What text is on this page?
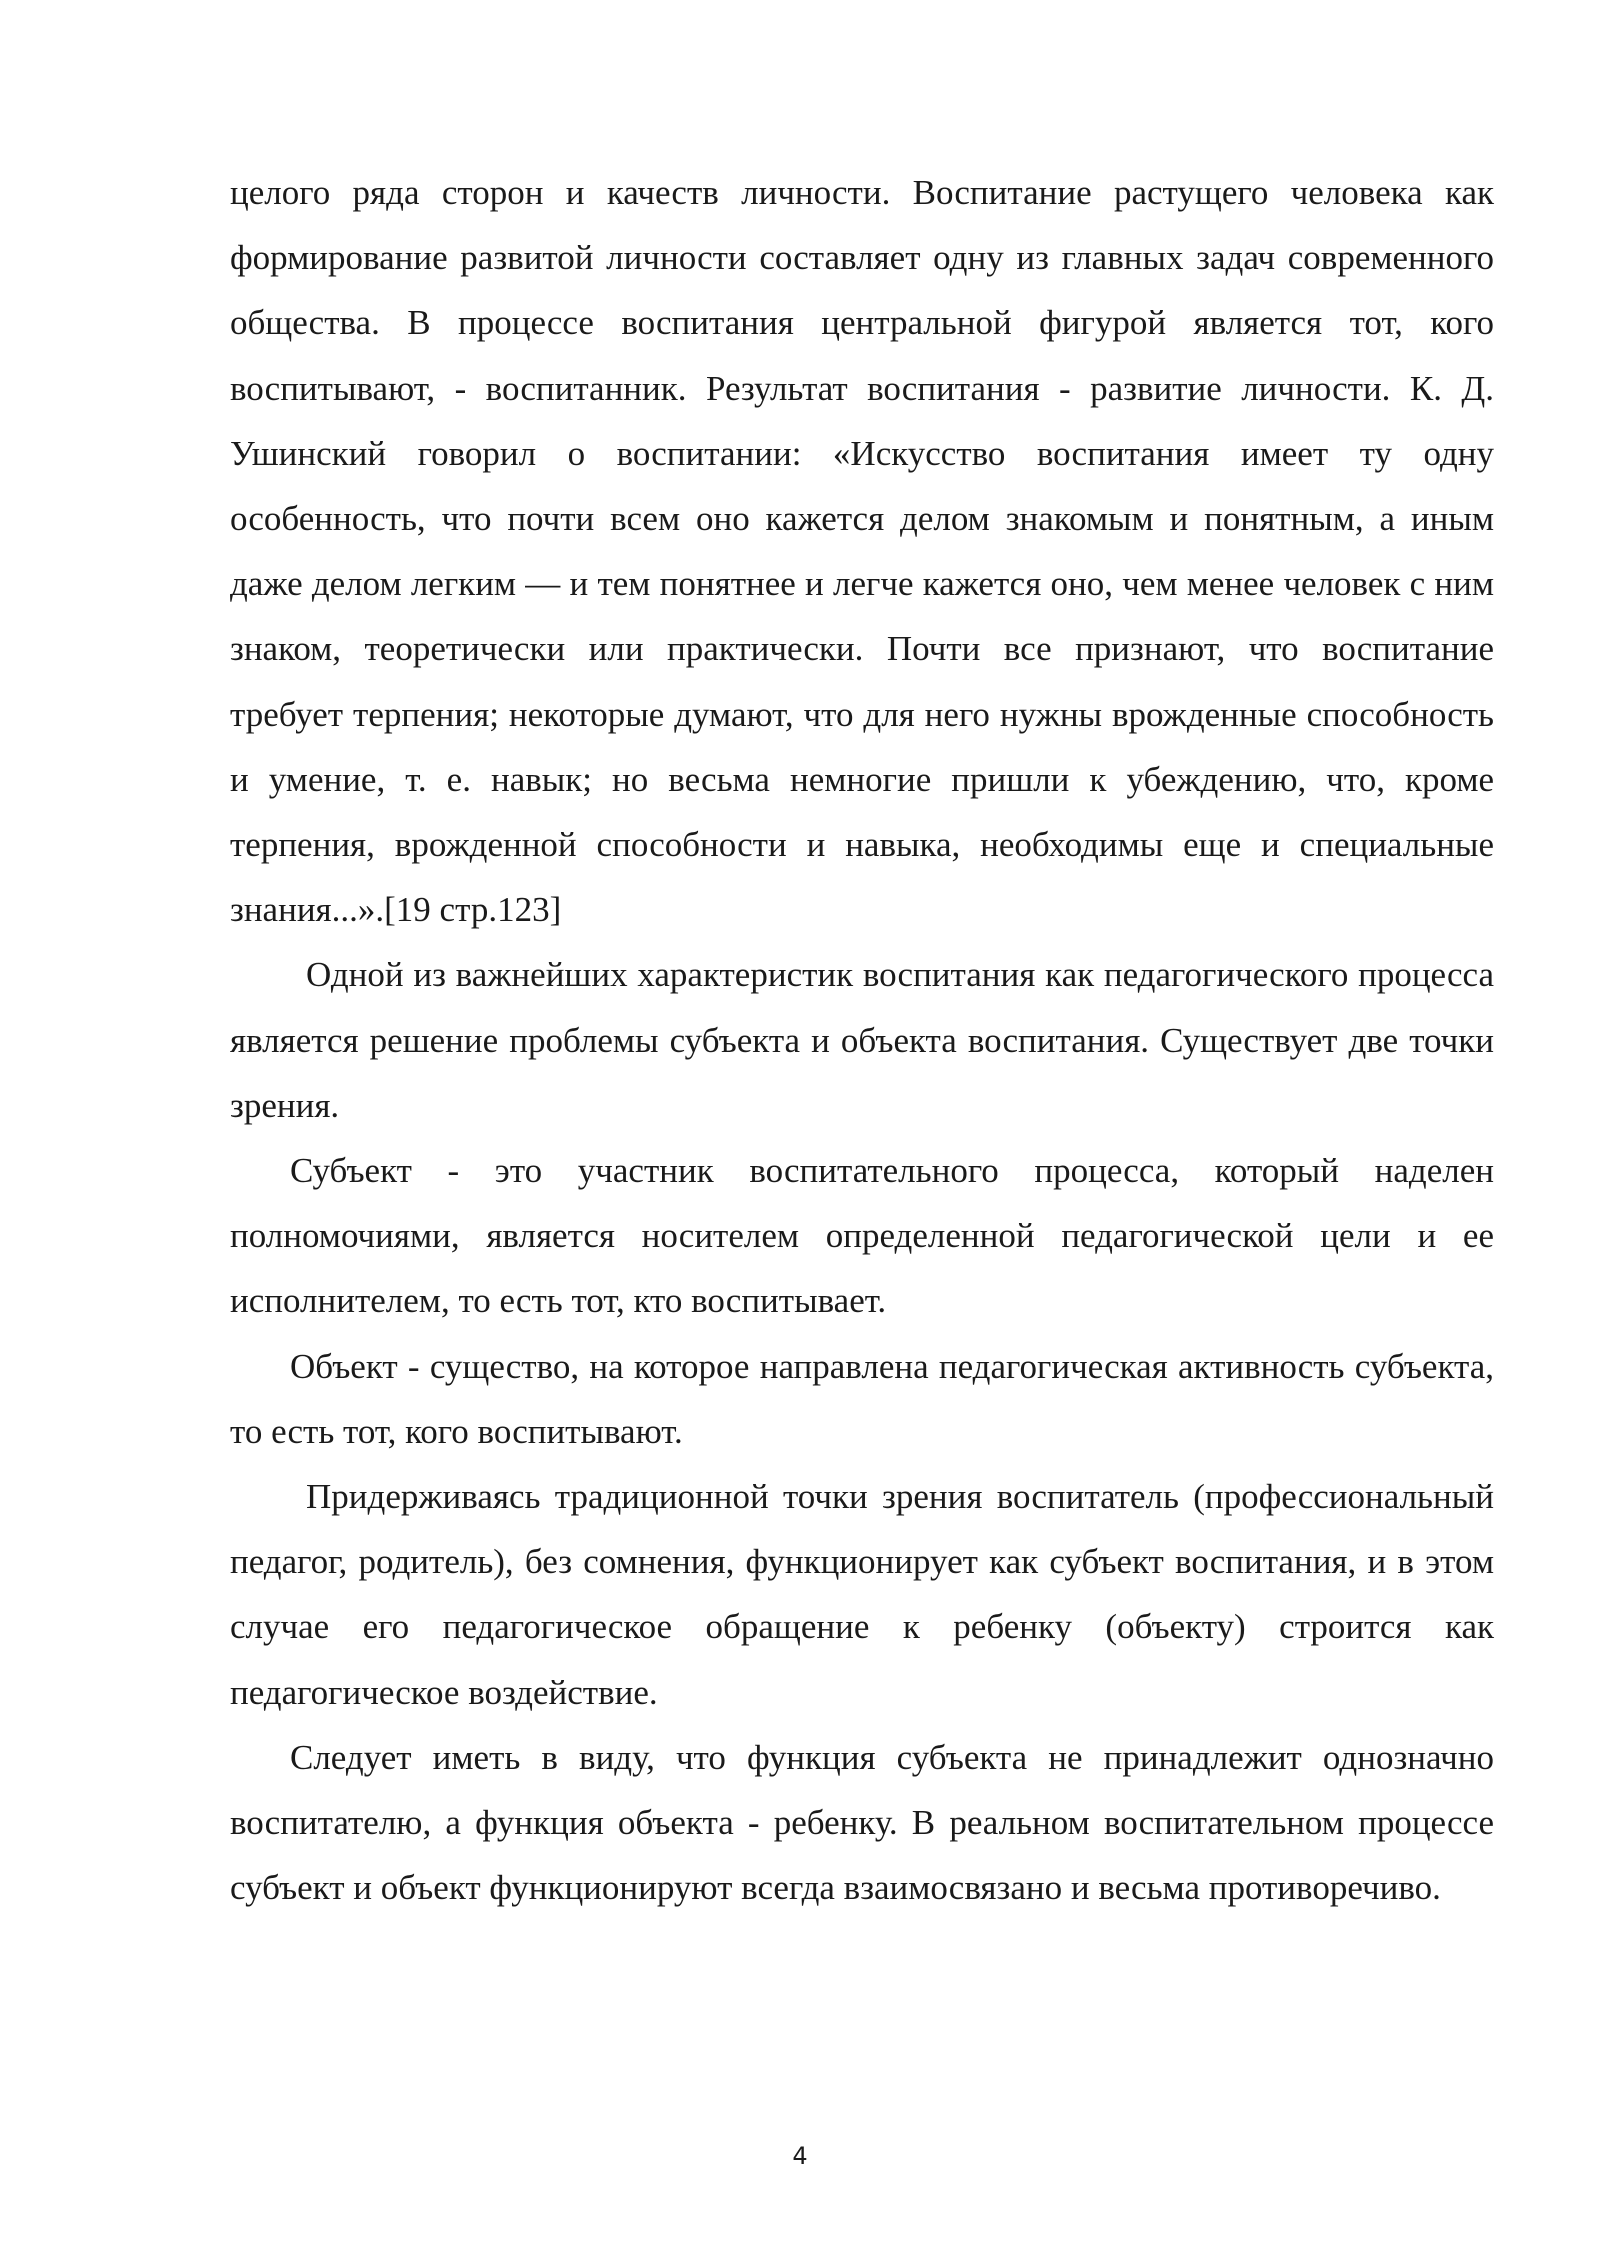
целого ряда сторон и качеств личности. Воспитание растущего человека как формирование развитой личности составляет одну из главных задач современного общества. В процессе воспитания центральной фигурой является тот, кого воспитывают, - воспитанник. Результат воспитания - развитие личности. К. Д. Ушинский говорил о воспитании: «Искусство воспитания имеет ту одну особенность, что почти всем оно кажется делом знакомым и понятным, а иным даже делом легким — и тем понятнее и легче кажется оно, чем менее человек с ним знаком, теоретически или практически. Почти все признают, что воспитание требует терпения; некоторые думают, что для него нужны врожденные способность и умение, т. е. навык; но весьма немногие пришли к убеждению, что, кроме терпения, врожденной способности и навыка, необходимы еще и специальные знания...».[19 стр.123]

Одной из важнейших характеристик воспитания как педагогического процесса является решение проблемы субъекта и объекта воспитания. Существует две точки зрения.

Субъект - это участник воспитательного процесса, который наделен полномочиями, является носителем определенной педагогической цели и ее исполнителем, то есть тот, кто воспитывает.

Объект - существо, на которое направлена педагогическая активность субъекта, то есть тот, кого воспитывают.

Придерживаясь традиционной точки зрения воспитатель (профессиональный педагог, родитель), без сомнения, функционирует как субъект воспитания, и в этом случае его педагогическое обращение к ребенку (объекту) строится как педагогическое воздействие.

Следует иметь в виду, что функция субъекта не принадлежит однозначно воспитателю, а функция объекта - ребенку. В реальном воспитательном процессе субъект и объект функционируют всегда взаимосвязано и весьма противоречиво.

4
